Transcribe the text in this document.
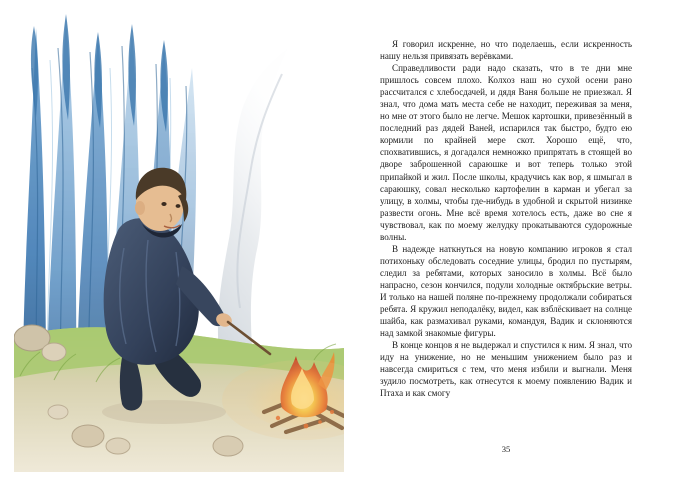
Я говорил искренне, но что поделаешь, если искренность нашу нельзя привязать верёвками.

Справедливости ради надо сказать, что в те дни мне пришлось совсем плохо. Колхоз наш но сухой осени рано рассчитался с хлебосдачей, и дядя Ваня больше не приезжал. Я знал, что дома мать места себе не находит, переживая за меня, но мне от этого было не легче. Мешок картошки, привезённый в последний раз дядей Ваней, испарился так быстро, будто ею кормили по крайней мере скот. Хорошо ещё, что, спохватившись, я догадался немножко припрятать в стоящей во дворе заброшенной сараюшке и вот теперь только этой припайкой и жил. После школы, крадучись как вор, я шмыгал в сараюшку, совал несколько картофелин в карман и убегал за улицу, в холмы, чтобы где-нибудь в удобной и скрытой низинке развести огонь. Мне всё время хотелось есть, даже во сне я чувствовал, как по моему желудку прокатываются судорожные волны.

В надежде наткнуться на новую компанию игроков я стал потихоньку обследовать соседние улицы, бродил по пустырям, следил за ребятами, которых заносило в холмы. Всё было напрасно, сезон кончился, подули холодные октябрьские ветры. И только на нашей поляне по-прежнему продолжали собираться ребята. Я кружил неподалёку, видел, как взблёскивает на солнце шайба, как размахивал руками, командуя, Вадик и склоняются над замкой знакомые фигуры.

В конце концов я не выдержал и спустился к ним. Я знал, что иду на унижение, но не меньшим унижением было раз и навсегда смириться с тем, что меня избили и выгнали. Меня зудило посмотреть, как отнесутся к моему появлению Вадик и Птаха и как смогу

35
